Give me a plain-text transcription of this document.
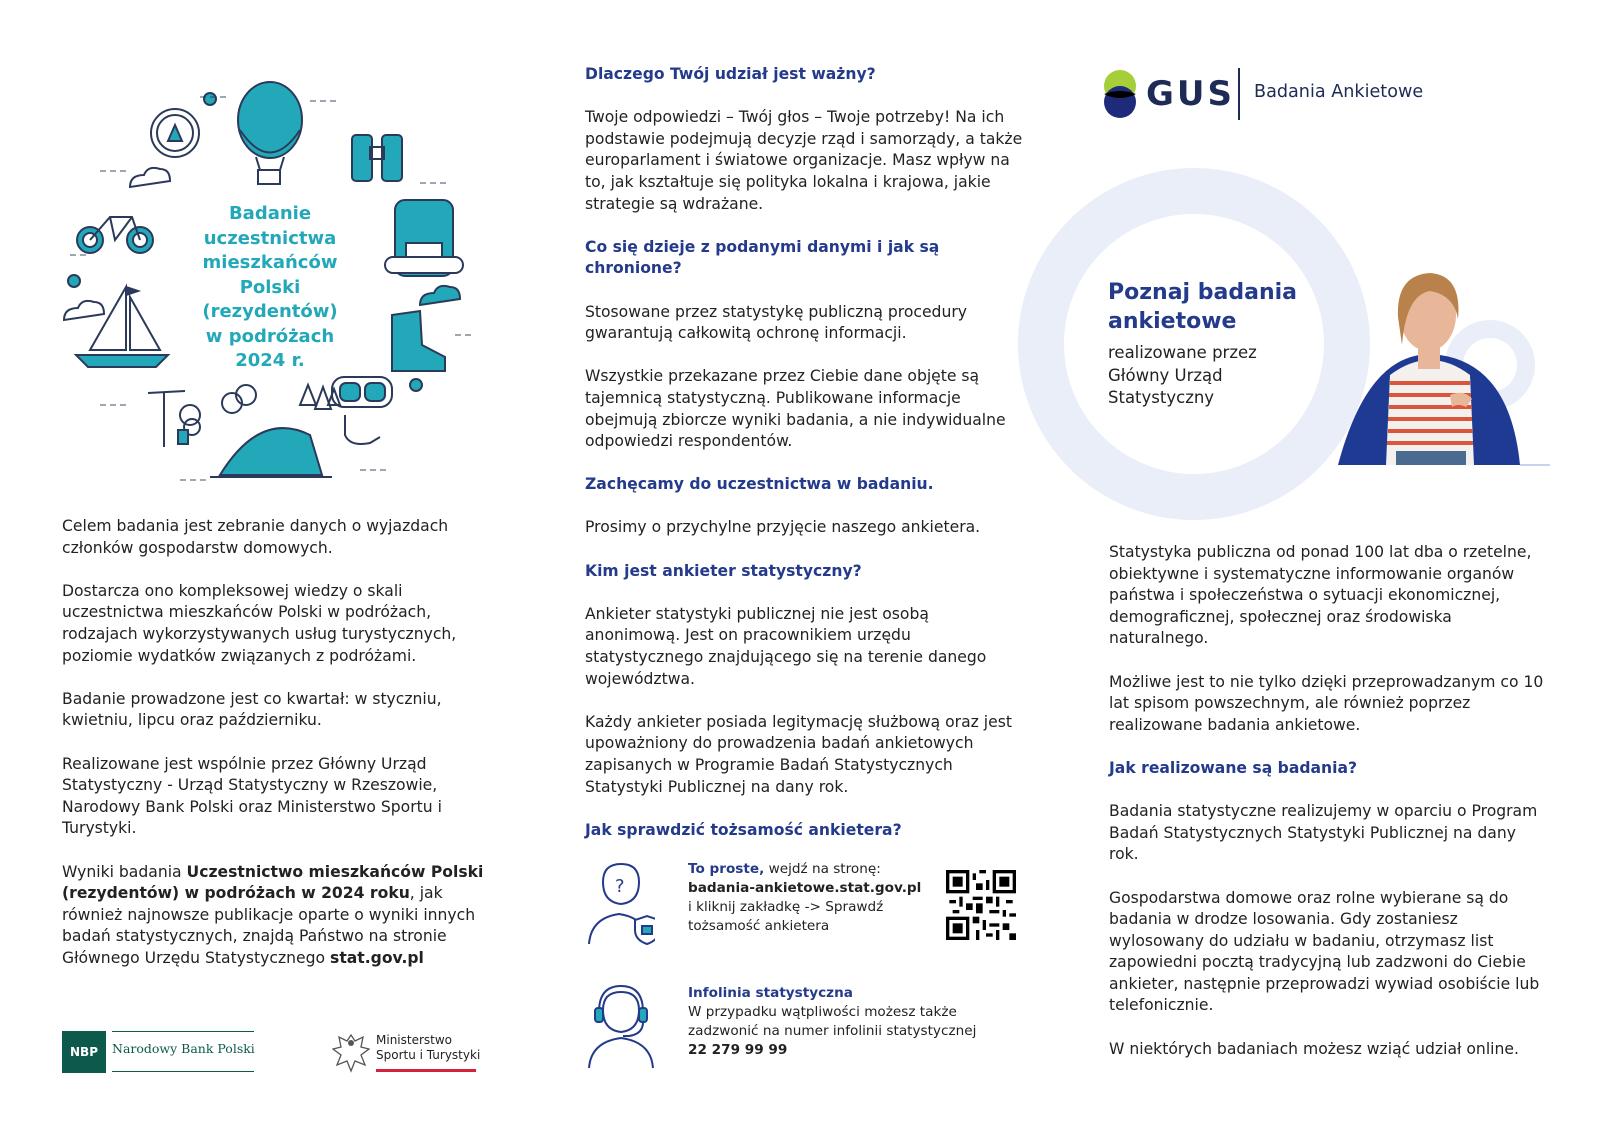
Badanie uczestnictwa mieszkańców Polski (rezydentów) w podróżach 2024 r.

Celem badania jest zebranie danych o wyjazdach członków gospodarstw domowych.

Dostarcza ono kompleksowej wiedzy o skali uczestnictwa mieszkańców Polski w podróżach, rodzajach wykorzystywanych usług turystycznych, poziomie wydatków związanych z podróżami.

Badanie prowadzone jest co kwartał: w styczniu, kwietniu, lipcu oraz październiku.

Realizowane jest wspólnie przez Główny Urząd Statystyczny - Urząd Statystyczny w Rzeszowie, Narodowy Bank Polski oraz Ministerstwo Sportu i Turystyki.

Wyniki badania Uczestnictwo mieszkańców Polski (rezydentów) w podróżach w 2024 roku, jak również najnowsze publikacje oparte o wyniki innych badań statystycznych, znajdą Państwo na stronie Głównego Urzędu Statystycznego stat.gov.pl

NBP	Narodowy Bank Polski
Ministerstwo
Sportu i Turystyki
Dlaczego Twój udział jest ważny?

Twoje odpowiedzi – Twój głos – Twoje potrzeby! Na ich podstawie podejmują decyzje rząd i samorządy, a także europarlament i światowe organizacje. Masz wpływ na to, jak kształtuje się polityka lokalna i krajowa, jakie strategie są wdrażane.

Co się dzieje z podanymi danymi i jak są chronione?

Stosowane przez statystykę publiczną procedury gwarantują całkowitą ochronę informacji.

Wszystkie przekazane przez Ciebie dane objęte są tajemnicą statystyczną. Publikowane informacje obejmują zbiorcze wyniki badania, a nie indywidualne odpowiedzi respondentów.

Zachęcamy do uczestnictwa w badaniu.

Prosimy o przychylne przyjęcie naszego ankietera.

Kim jest ankieter statystyczny?

Ankieter statystyki publicznej nie jest osobą anonimową. Jest on pracownikiem urzędu statystycznego znajdującego się na terenie danego województwa.

Każdy ankieter posiada legitymację służbową oraz jest upoważniony do prowadzenia badań ankietowych zapisanych w Programie Badań Statystycznych Statystyki Publicznej na dany rok.

Jak sprawdzić tożsamość ankietera?
?
To proste, wejdź na stronę:
badania-ankietowe.stat.gov.pl
i kliknij zakładkę -> Sprawdź
tożsamość ankietera
Infolinia statystyczna
W przypadku wątpliwości możesz także
zadzwonić na numer infolinii statystycznej
22 279 99 99
GUS Badania Ankietowe
Poznaj badania ankietowe
realizowane przez Główny Urząd Statystyczny

Statystyka publiczna od ponad 100 lat dba o rzetelne, obiektywne i systematyczne informowanie organów państwa i społeczeństwa o sytuacji ekonomicznej, demograficznej, społecznej oraz środowiska naturalnego.

Możliwe jest to nie tylko dzięki przeprowadzanym co 10 lat spisom powszechnym, ale również poprzez realizowane badania ankietowe.

Jak realizowane są badania?

Badania statystyczne realizujemy w oparciu o Program Badań Statystycznych Statystyki Publicznej na dany rok.

Gospodarstwa domowe oraz rolne wybierane są do badania w drodze losowania. Gdy zostaniesz wylosowany do udziału w badaniu, otrzymasz list zapowiedni pocztą tradycyjną lub zadzwoni do Ciebie ankieter, następnie przeprowadzi wywiad osobiście lub telefonicznie.

W niektórych badaniach możesz wziąć udział online.
